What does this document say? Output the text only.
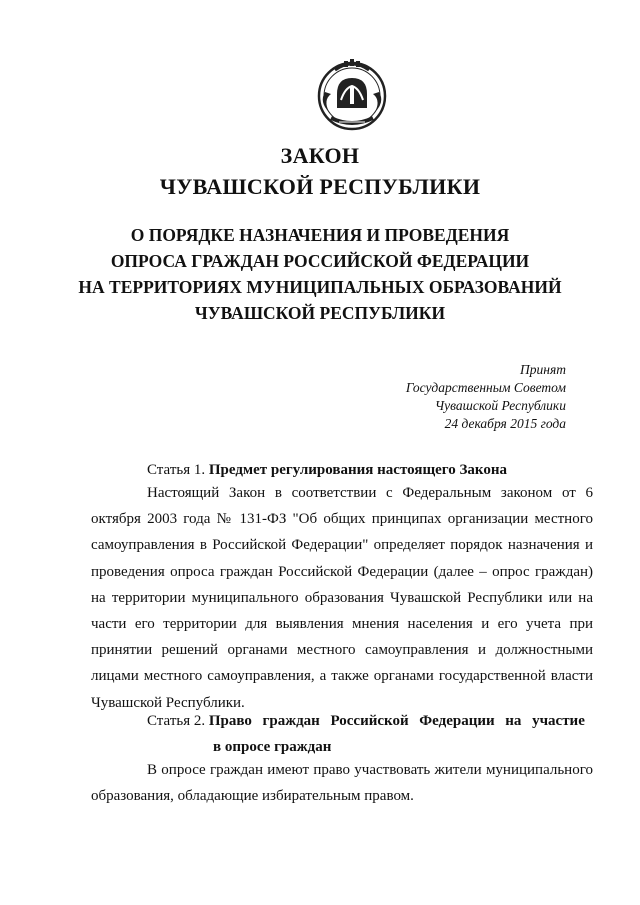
ЗАКОН
ЧУВАШСКОЙ РЕСПУБЛИКИ
О ПОРЯДКЕ НАЗНАЧЕНИЯ И ПРОВЕДЕНИЯ
ОПРОСА ГРАЖДАН РОССИЙСКОЙ ФЕДЕРАЦИИ
НА ТЕРРИТОРИЯХ МУНИЦИПАЛЬНЫХ ОБРАЗОВАНИЙ
ЧУВАШСКОЙ РЕСПУБЛИКИ
Принят
Государственным Советом
Чувашской Республики
24 декабря 2015 года
Статья 1. Предмет регулирования настоящего Закона
Настоящий Закон в соответствии с Федеральным законом от 6 октября 2003 года № 131-ФЗ "Об общих принципах организации местного самоуправления в Российской Федерации" определяет порядок назначения и проведения опроса граждан Российской Федерации (далее – опрос граждан) на территории муниципального образования Чувашской Республики или на части его территории для выявления мнения населения и его учета при принятии решений органами местного самоуправления и должностными лицами местного самоуправления, а также органами государственной власти Чувашской Республики.
Статья 2. Право граждан Российской Федерации на участие
в опросе граждан
В опросе граждан имеют право участвовать жители муниципального образования, обладающие избирательным правом.
